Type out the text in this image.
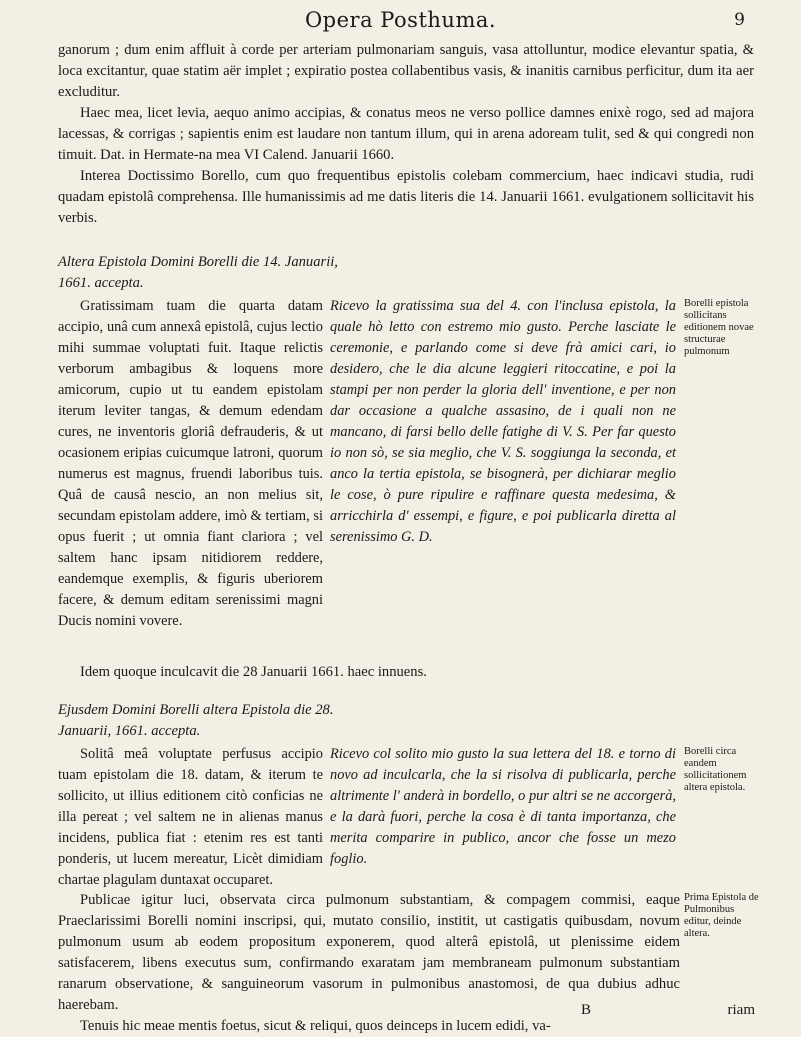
Opera Posthuma.	9

ganorum ; dum enim affluit à corde per arteriam pulmonariam sanguis, vasa attolluntur, modice elevantur spatia, & loca excitantur, quae statim aër implet ; expiratio postea collabentibus vasis, & inanitis carnibus perficitur, dum ita aer excluditur.

Haec mea, licet levia, aequo animo accipias, & conatus meos ne verso pollice damnes enixè rogo, sed ad majora lacessas, & corrigas ; sapientis enim est laudare non tantum illum, qui in arena adoream tulit, sed & qui congredi non timuit. Dat. in Hermate-na mea VI Calend. Januarii 1660.

Interea Doctissimo Borello, cum quo frequentibus epistolis colebam commercium, haec indicavi studia, rudi quadam epistolâ comprehensa. Ille humanissimis ad me datis literis die 14. Januarii 1661. evulgationem sollicitavit his verbis.

Altera Epistola Domini Borelli die 14. Januarii, 1661. accepta.

Gratissimam tuam die quarta datam accipio, unâ cum annexâ epistolâ, cujus lectio mihi summae voluptati fuit. Itaque relictis verborum ambagibus & loquens more amicorum, cupio ut tu eandem epistolam iterum leviter tangas, & demum edendam cures, ne inventoris gloriâ defrauderis, & ut ocasionem eripias cuicumque latroni, quorum numerus est magnus, fruendi laboribus tuis. Quâ de causâ nescio, an non melius sit, secundam epistolam addere, imò & tertiam, si opus fuerit ; ut omnia fiant clariora ; vel saltem hanc ipsam nitidiorem reddere, eandemque exemplis, & figuris uberiorem facere, & demum editam serenissimi magni Ducis nomini vovere.

Ricevo la gratissima sua del 4. con l'inclusa epistola, la quale hò letto con estremo mio gusto. Perche lasciate le ceremonie, e parlando come si deve frà amici cari, io desidero, che le dia alcune leggieri ritoccatine, e poi la stampi per non perder la gloria dell' inventione, e per non dar occasione a qualche assasino, de i quali non ne mancano, di farsi bello delle fatighe di V. S. Per far questo io non sò, se sia meglio, che V. S. soggiunga la seconda, et anco la tertia epistola, se bisognerà, per dichiarar meglio le cose, ò pure ripulire e raffinare questa medesima, & arricchirla d' essempi, e figure, e poi publicarla diretta al serenissimo G. D.

Borelli epistola sollicitans editionem novae structurae pulmonum

Idem quoque inculcavit die 28 Januarii 1661. haec innuens.

Ejusdem Domini Borelli altera Epistola die 28. Januarii, 1661. accepta.

Solitâ meâ voluptate perfusus accipio tuam epistolam die 18. datam, & iterum te sollicito, ut illius editionem citò conficias ne illa pereat ; vel saltem ne in alienas manus incidens, publica fiat : etenim res est tanti ponderis, ut lucem mereatur, Licèt dimidiam chartae plagulam duntaxat occuparet.

Ricevo col solito mio gusto la sua lettera del 18. e torno di novo ad inculcarla, che la si risolva di publicarla, perche altrimente l' anderà in bordello, o pur altri se ne accorgerà, e la darà fuori, perche la cosa è di tanta importanza, che merita comparire in publico, ancor che fosse un mezo foglio.

Borelli circa eandem sollicitationem altera epistola.

Publicae igitur luci, observata circa pulmonum substantiam, & compagem commisi, eaque Praeclarissimi Borelli nomini inscripsi, qui, mutato consilio, institit, ut castigatis quibusdam, novum pulmonum usum ab eodem propositum exponerem, quod alterâ epistolâ, ut plenissime eidem satisfacerem, libens executus sum, confirmando exaratam jam membraneam pulmonum substantiam ranarum observatione, & sanguineorum vasorum in pulmonibus anastomosi, de qua dubius adhuc haerebam.

Tenuis hic meae mentis foetus, sicut & reliqui, quos deinceps in lucem edidi, va-

Prima Epistola de Pulmonibus editur, deinde altera.
B	riam
